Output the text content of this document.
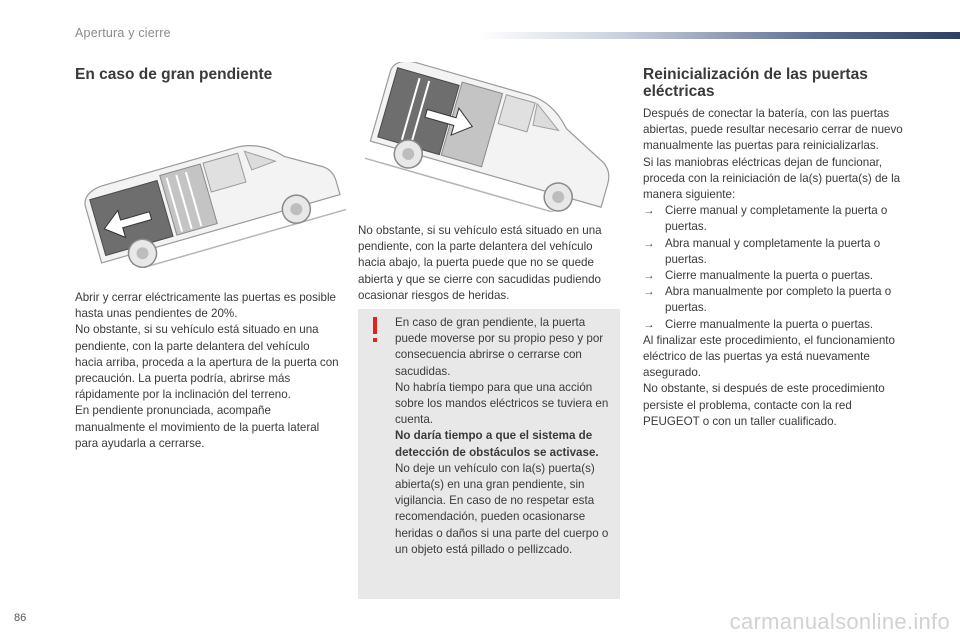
Apertura y cierre
En caso de gran pendiente

Abrir y cerrar eléctricamente las puertas es posible hasta unas pendientes de 20%.

No obstante, si su vehículo está situado en una pendiente, con la parte delantera del vehículo hacia arriba, proceda a la apertura de la puerta con precaución. La puerta podría, abrirse más rápidamente por la inclinación del terreno.

En pendiente pronunciada, acompañe manualmente el movimiento de la puerta lateral para ayudarla a cerrarse.

No obstante, si su vehículo está situado en una pendiente, con la parte delantera del vehículo hacia abajo, la puerta puede que no se quede abierta y que se cierre con sacudidas pudiendo ocasionar riesgos de heridas.

En caso de gran pendiente, la puerta puede moverse por su propio peso y por consecuencia abrirse o cerrarse con sacudidas.

No habría tiempo para que una acción sobre los mandos eléctricos se tuviera en cuenta.

No daría tiempo a que el sistema de detección de obstáculos se activase.

No deje un vehículo con la(s) puerta(s) abierta(s) en una gran pendiente, sin vigilancia. En caso de no respetar esta recomendación, pueden ocasionarse heridas o daños si una parte del cuerpo o un objeto está pillado o pellizcado.

Reinicialización de las puertas
eléctricas

Después de conectar la batería, con las puertas abiertas, puede resultar necesario cerrar de nuevo manualmente las puertas para reinicializarlas.

Si las maniobras eléctricas dejan de funcionar, proceda con la reiniciación de la(s) puerta(s) de la manera siguiente:

→ Cierre manual y completamente la puerta o puertas.

→ Abra manual y completamente la puerta o puertas.

→ Cierre manualmente la puerta o puertas.

→ Abra manualmente por completo la puerta o puertas.

→ Cierre manualmente la puerta o puertas.

Al finalizar este procedimiento, el funcionamiento eléctrico de las puertas ya está nuevamente asegurado.

No obstante, si después de este procedimiento persiste el problema, contacte con la red PEUGEOT o con un taller cualificado.

86	carmanualsonline.info
